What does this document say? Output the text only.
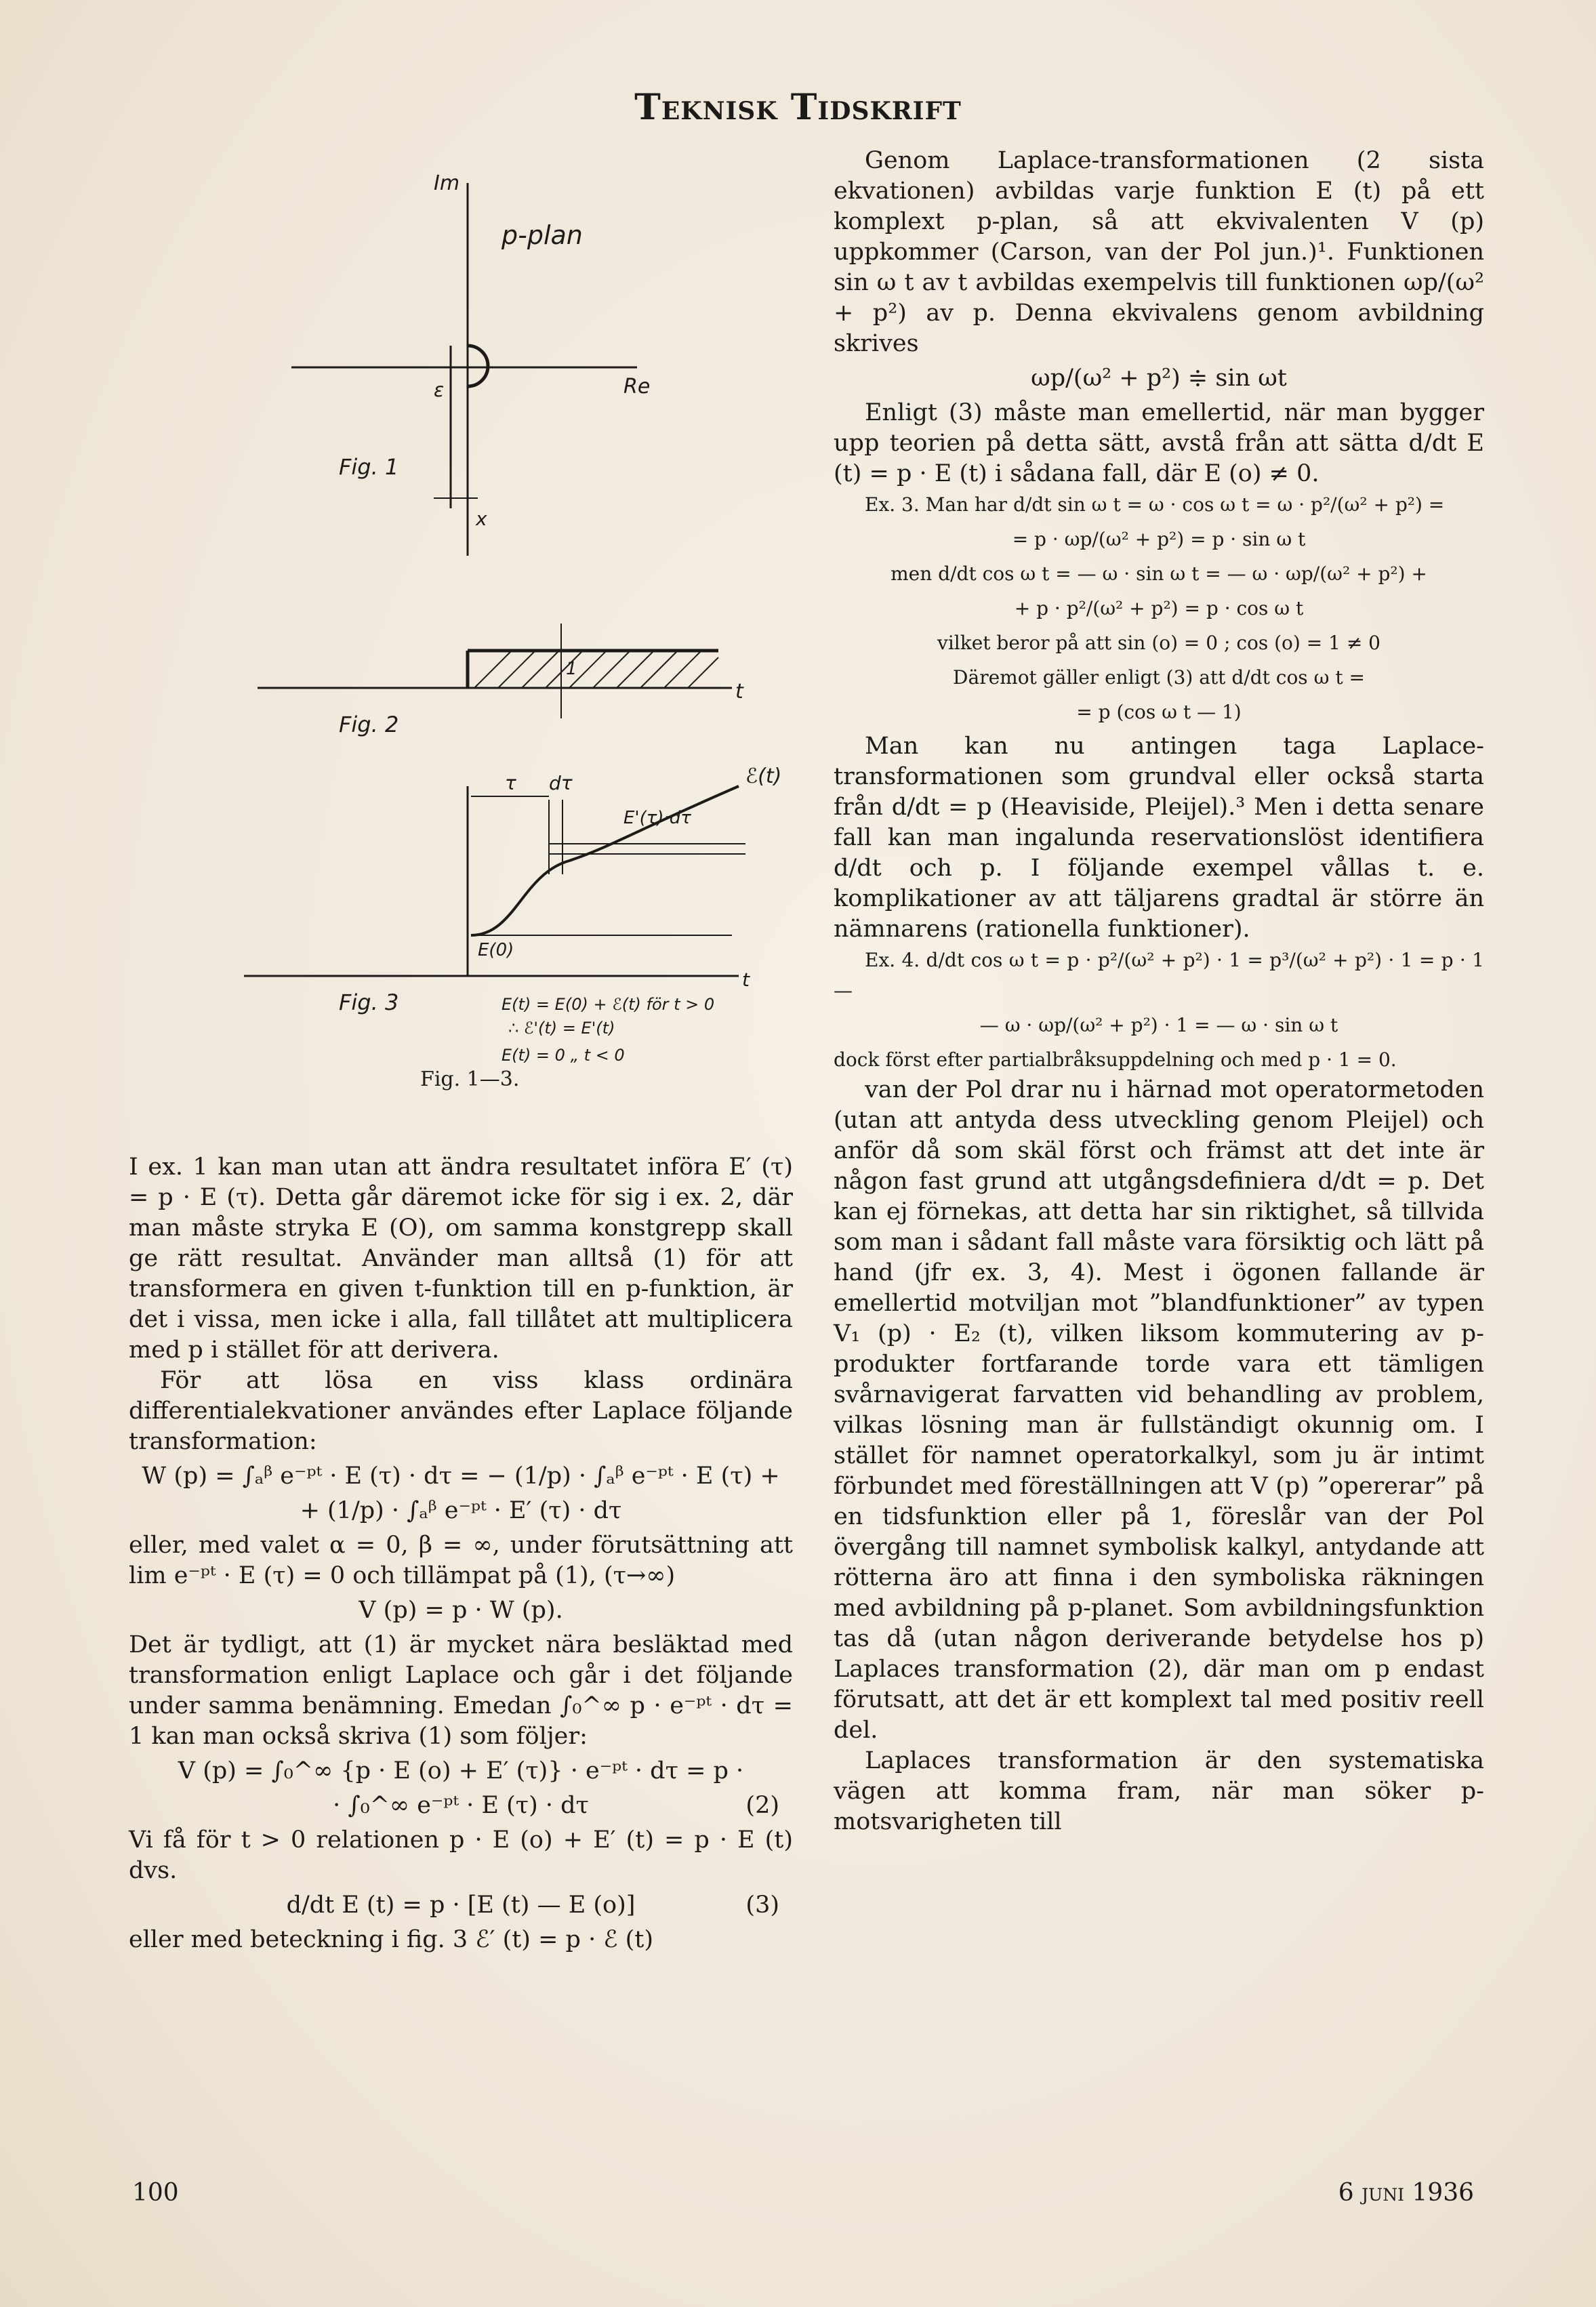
Teknisk Tidskrift
Im
p-plan
Re
ε
x
Fig. 1
1
t
Fig. 2
τ dτ	ℰ(t)
E'(τ)·dτ
E(0)
t
Fig. 3	E(t) = E(0) + ℰ(t) för t > 0
∴ ℰ'(t) = E'(t)
E(t) = 0 „ t < 0
Fig. 1—3.

I ex. 1 kan man utan att ändra resultatet införa E′ (τ) = p · E (τ). Detta går däremot icke för sig i ex. 2, där man måste stryka E (O), om samma konstgrepp skall ge rätt resultat. Använder man alltså (1) för att transformera en given t-funktion till en p-funktion, är det i vissa, men icke i alla, fall tillåtet att multiplicera med p i stället för att derivera.

För att lösa en viss klass ordinära differentialekvationer användes efter Laplace följande transformation:

W (p) = ∫ₐᵝ e⁻ᵖᵗ · E (τ) · dτ = − (1/p) · ∫ₐᵝ e⁻ᵖᵗ · E (τ) +
+ (1/p) · ∫ₐᵝ e⁻ᵖᵗ · E′ (τ) · dτ

eller, med valet α = 0, β = ∞, under förutsättning att lim e⁻ᵖᵗ · E (τ) = 0 och tillämpat på (1), (τ→∞)

V (p) = p · W (p).

Det är tydligt, att (1) är mycket nära besläktad med transformation enligt Laplace och går i det följande under samma benämning. Emedan ∫₀^∞ p · e⁻ᵖᵗ · dτ = 1 kan man också skriva (1) som följer:

V (p) = ∫₀^∞ {p · E (o) + E′ (τ)} · e⁻ᵖᵗ · dτ = p ·
· ∫₀^∞ e⁻ᵖᵗ · E (τ) · dτ	(2)

Vi få för t > 0 relationen p · E (o) + E′ (t) = p · E (t) dvs.

d/dt E (t) = p · [E (t) — E (o)]	(3)

eller med beteckning i fig. 3 ℰ′ (t) = p · ℰ (t)

Genom Laplace-transformationen (2 sista ekvationen) avbildas varje funktion E (t) på ett komplext p-plan, så att ekvivalenten V (p) uppkommer (Carson, van der Pol jun.)¹. Funktionen sin ω t av t avbildas exempelvis till funktionen ωp/(ω² + p²) av p. Denna ekvivalens genom avbildning skrives

ωp/(ω² + p²) ≑ sin ωt

Enligt (3) måste man emellertid, när man bygger upp teorien på detta sätt, avstå från att sätta d/dt E (t) = p · E (t) i sådana fall, där E (o) ≠ 0.

Ex. 3. Man har d/dt sin ω t = ω · cos ω t = ω · p²/(ω² + p²) =
= p · ωp/(ω² + p²) = p · sin ω t
men d/dt cos ω t = — ω · sin ω t = — ω · ωp/(ω² + p²) +
+ p · p²/(ω² + p²) = p · cos ω t
vilket beror på att sin (o) = 0 ; cos (o) = 1 ≠ 0
Däremot gäller enligt (3) att d/dt cos ω t =
= p (cos ω t — 1)

Man kan nu antingen taga Laplace-transformationen som grundval eller också starta från d/dt = p (Heaviside, Pleijel).³ Men i detta senare fall kan man ingalunda reservationslöst identifiera d/dt och p. I följande exempel vållas t. e. komplikationer av att täljarens gradtal är större än nämnarens (rationella funktioner).

Ex. 4. d/dt cos ω t = p · p²/(ω² + p²) · 1 = p³/(ω² + p²) · 1 = p · 1 —
— ω · ωp/(ω² + p²) · 1 = — ω · sin ω t
dock först efter partialbråksuppdelning och med p · 1 = 0.

van der Pol drar nu i härnad mot operatormetoden (utan att antyda dess utveckling genom Pleijel) och anför då som skäl först och främst att det inte är någon fast grund att utgångsdefiniera d/dt = p. Det kan ej förnekas, att detta har sin riktighet, så tillvida som man i sådant fall måste vara försiktig och lätt på hand (jfr ex. 3, 4). Mest i ögonen fallande är emellertid motviljan mot ”blandfunktioner” av typen V₁ (p) · E₂ (t), vilken liksom kommutering av p-produkter fortfarande torde vara ett tämligen svårnavigerat farvatten vid behandling av problem, vilkas lösning man är fullständigt okunnig om. I stället för namnet operatorkalkyl, som ju är intimt förbundet med föreställningen att V (p) ”opererar” på en tidsfunktion eller på 1, föreslår van der Pol övergång till namnet symbolisk kalkyl, antydande att rötterna äro att finna i den symboliska räkningen med avbildning på p-planet. Som avbildningsfunktion tas då (utan någon deriverande betydelse hos p) Laplaces transformation (2), där man om p endast förutsatt, att det är ett komplext tal med positiv reell del.

Laplaces transformation är den systematiska vägen att komma fram, när man söker p-motsvarigheten till

100	6 juni 1936
